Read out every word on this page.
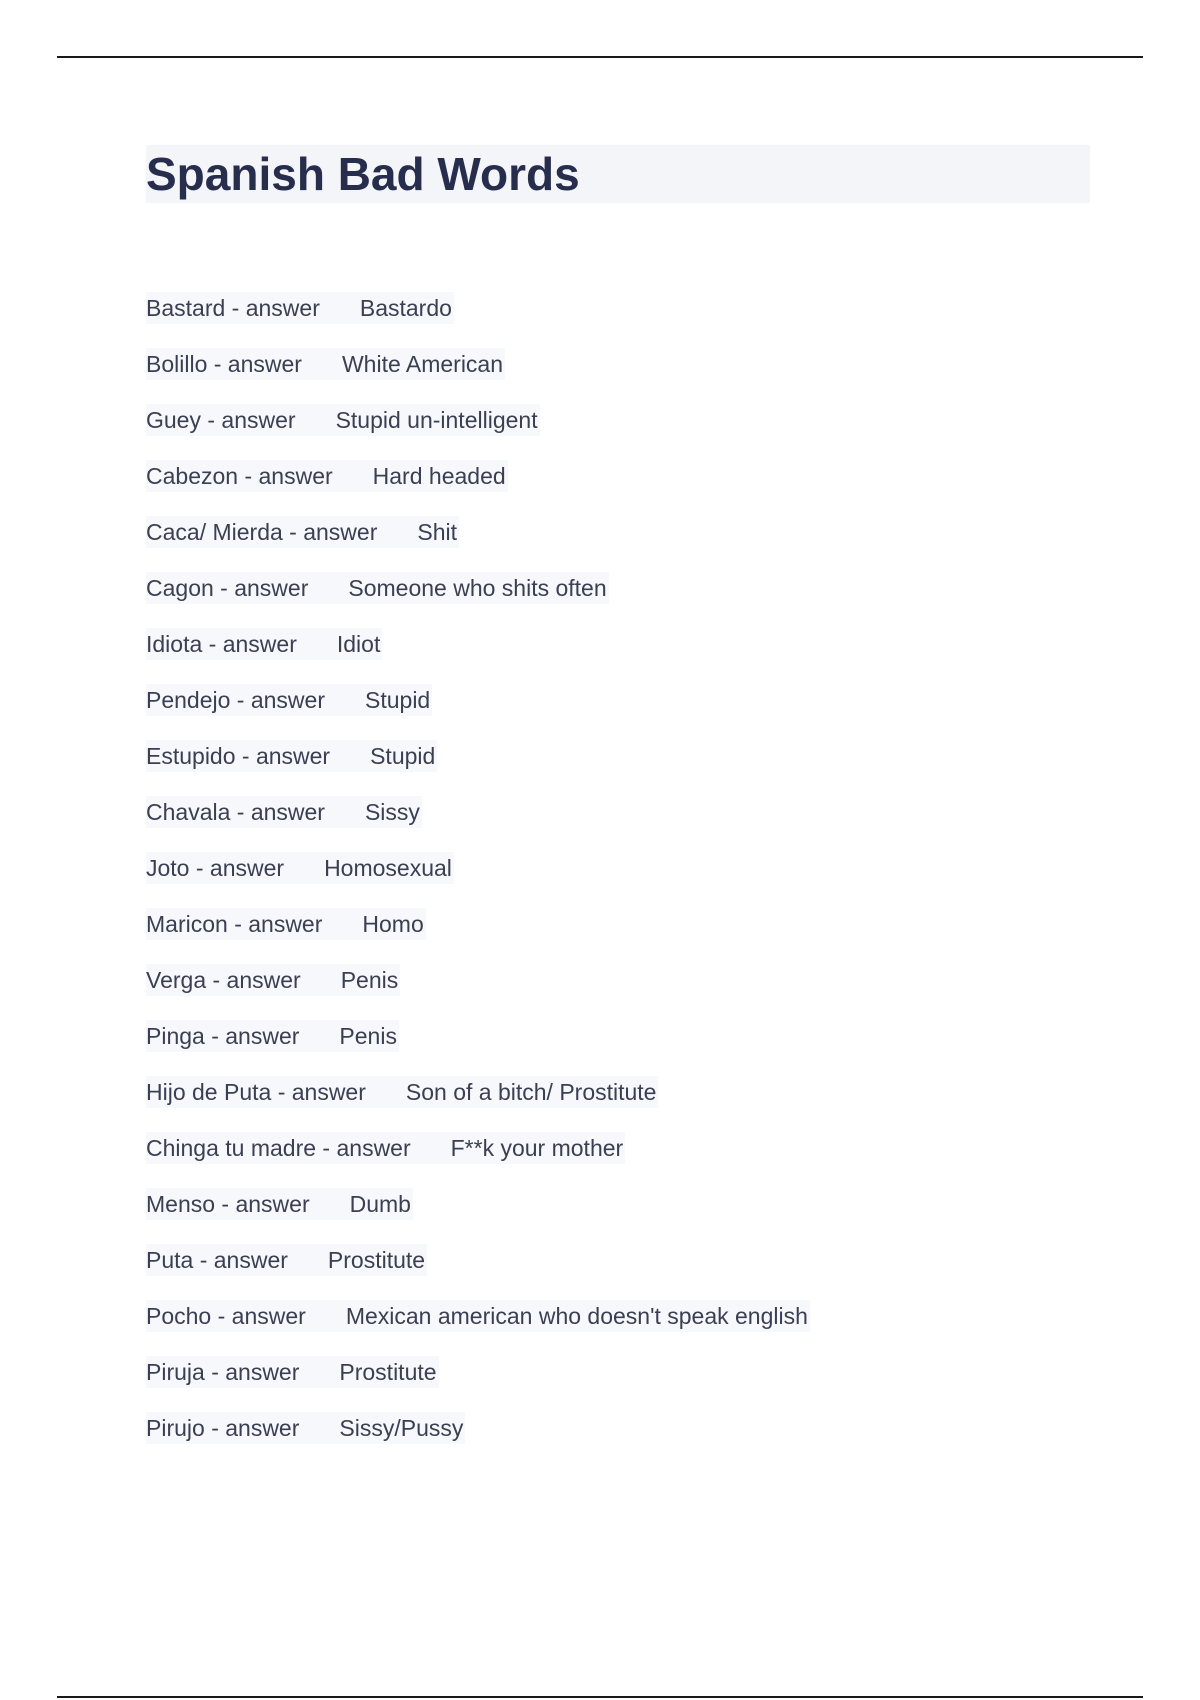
Spanish Bad Words
Bastard - answer Bastardo
Bolillo - answer White American
Guey - answer Stupid un-intelligent
Cabezon - answer Hard headed
Caca/ Mierda - answer Shit
Cagon - answer Someone who shits often
Idiota - answer Idiot
Pendejo - answer Stupid
Estupido - answer Stupid
Chavala - answer Sissy
Joto - answer Homosexual
Maricon - answer Homo
Verga - answer Penis
Pinga - answer Penis
Hijo de Puta - answer Son of a bitch/ Prostitute
Chinga tu madre - answer F**k your mother
Menso - answer Dumb
Puta - answer Prostitute
Pocho - answer Mexican american who doesn't speak english
Piruja - answer Prostitute
Pirujo - answer Sissy/Pussy
